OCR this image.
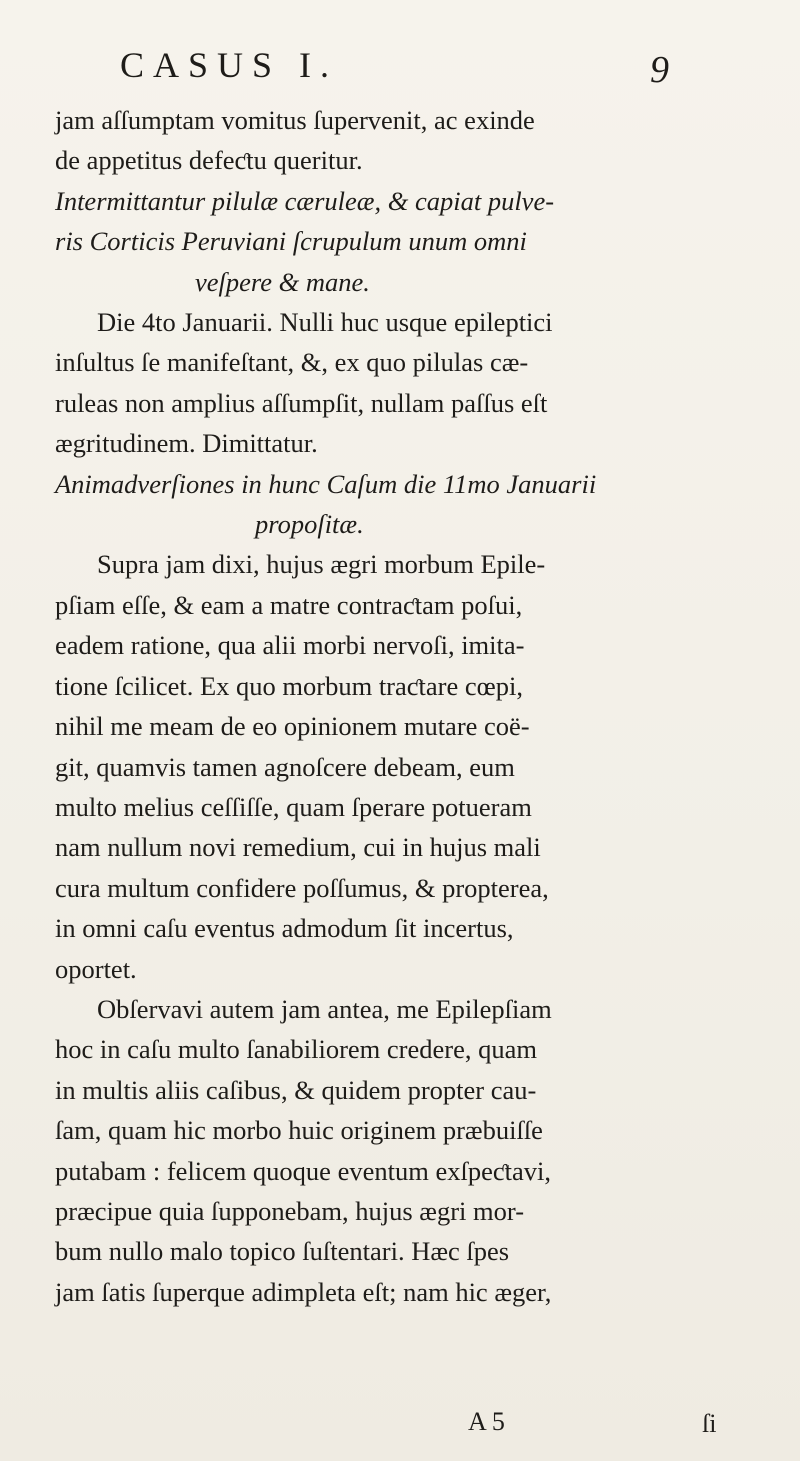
CASUS I.	9
jam aſſumptam vomitus ſupervenit, ac exinde
de appetitus defeƈtu queritur.
Intermittantur pilulæ cæruleæ, & capiat pulve-
ris Corticis Peruviani ſcrupulum unum omni
veſpere & mane.
Die 4to Januarii. Nulli huc usque epileptici
inſultus ſe manifeſtant, &, ex quo pilulas cæ-
ruleas non amplius aſſumpſit, nullam paſſus eſt
ægritudinem. Dimittatur.
Animadverſiones in hunc Caſum die 11mo Januarii
propoſitæ.
Supra jam dixi, hujus ægri morbum Epile-
pſiam eſſe, & eam a matre contraƈtam poſui,
eadem ratione, qua alii morbi nervoſi, imita-
tione ſcilicet. Ex quo morbum traƈtare cœpi,
nihil me meam de eo opinionem mutare coë-
git, quamvis tamen agnoſcere debeam, eum
multo melius ceſſiſſe, quam ſperare potueram
nam nullum novi remedium, cui in hujus mali
cura multum confidere poſſumus, & propterea,
in omni caſu eventus admodum ſit incertus,
oportet.
Obſervavi autem jam antea, me Epilepſiam
hoc in caſu multo ſanabiliorem credere, quam
in multis aliis caſibus, & quidem propter cau-
ſam, quam hic morbo huic originem præbuiſſe
putabam : felicem quoque eventum exſpeƈtavi,
præcipue quia ſupponebam, hujus ægri mor-
bum nullo malo topico ſuſtentari. Hæc ſpes
jam ſatis ſuperque adimpleta eſt; nam hic æger,
A 5	ſi
